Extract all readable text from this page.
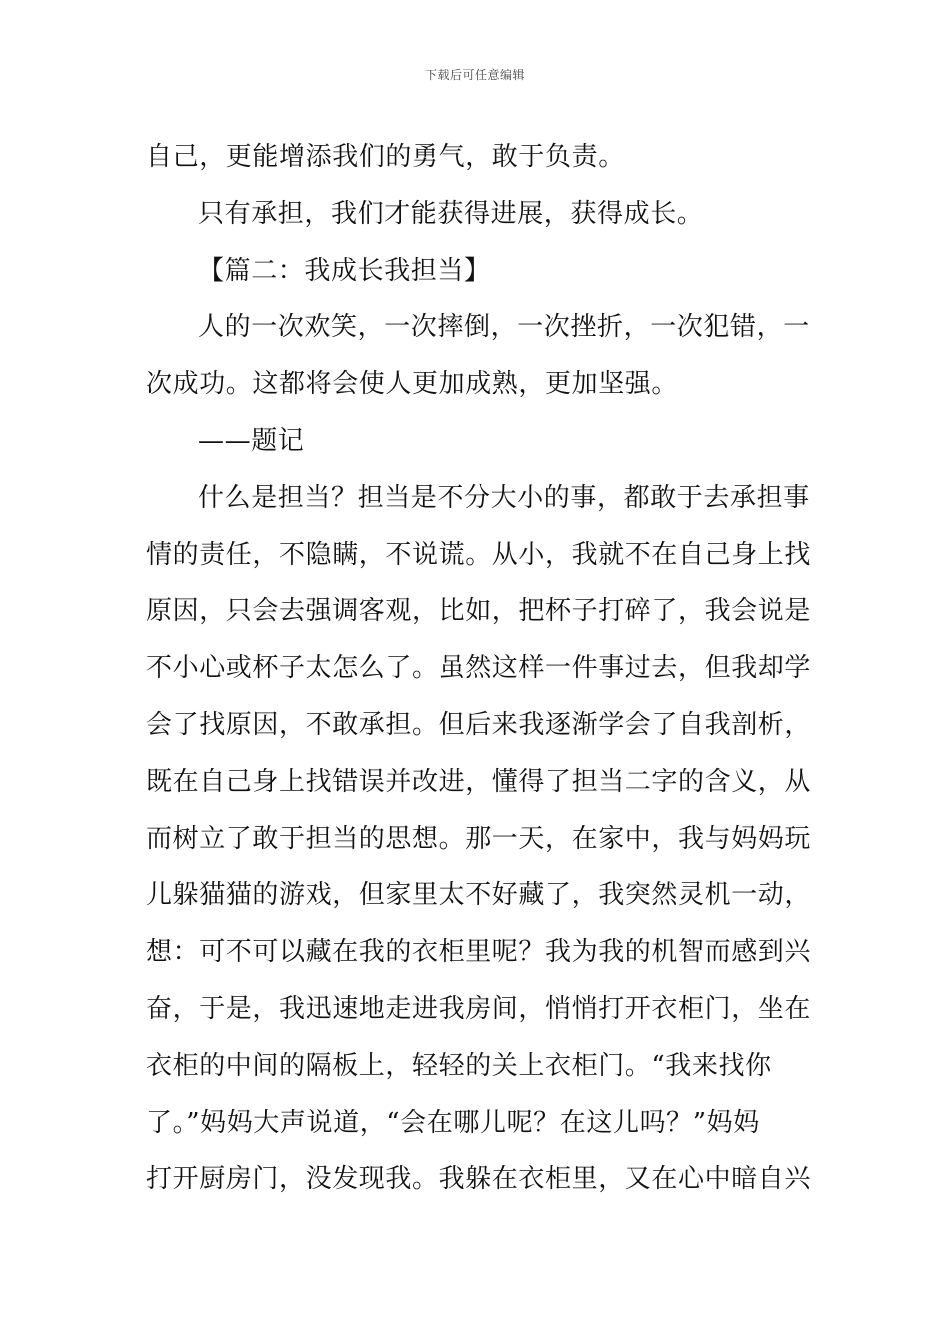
下载后可任意编辑
自己，更能增添我们的勇气，敢于负责。
只有承担，我们才能获得进展，获得成长。
【篇二：我成长我担当】
人的一次欢笑，一次摔倒，一次挫折，一次犯错，一
次成功。这都将会使人更加成熟，更加坚强。
——题记
什么是担当？担当是不分大小的事，都敢于去承担事
情的责任，不隐瞒，不说谎。从小，我就不在自己身上找
原因，只会去强调客观，比如，把杯子打碎了，我会说是
不小心或杯子太怎么了。虽然这样一件事过去，但我却学
会了找原因，不敢承担。但后来我逐渐学会了自我剖析，
既在自己身上找错误并改进，懂得了担当二字的含义，从
而树立了敢于担当的思想。那一天，在家中，我与妈妈玩
儿躲猫猫的游戏，但家里太不好藏了，我突然灵机一动，
想：可不可以藏在我的衣柜里呢？我为我的机智而感到兴
奋，于是，我迅速地走进我房间，悄悄打开衣柜门，坐在
衣柜的中间的隔板上，轻轻的关上衣柜门。“我来找你
了。”妈妈大声说道，“会在哪儿呢？在这儿吗？”妈妈
打开厨房门，没发现我。我躲在衣柜里，又在心中暗自兴
